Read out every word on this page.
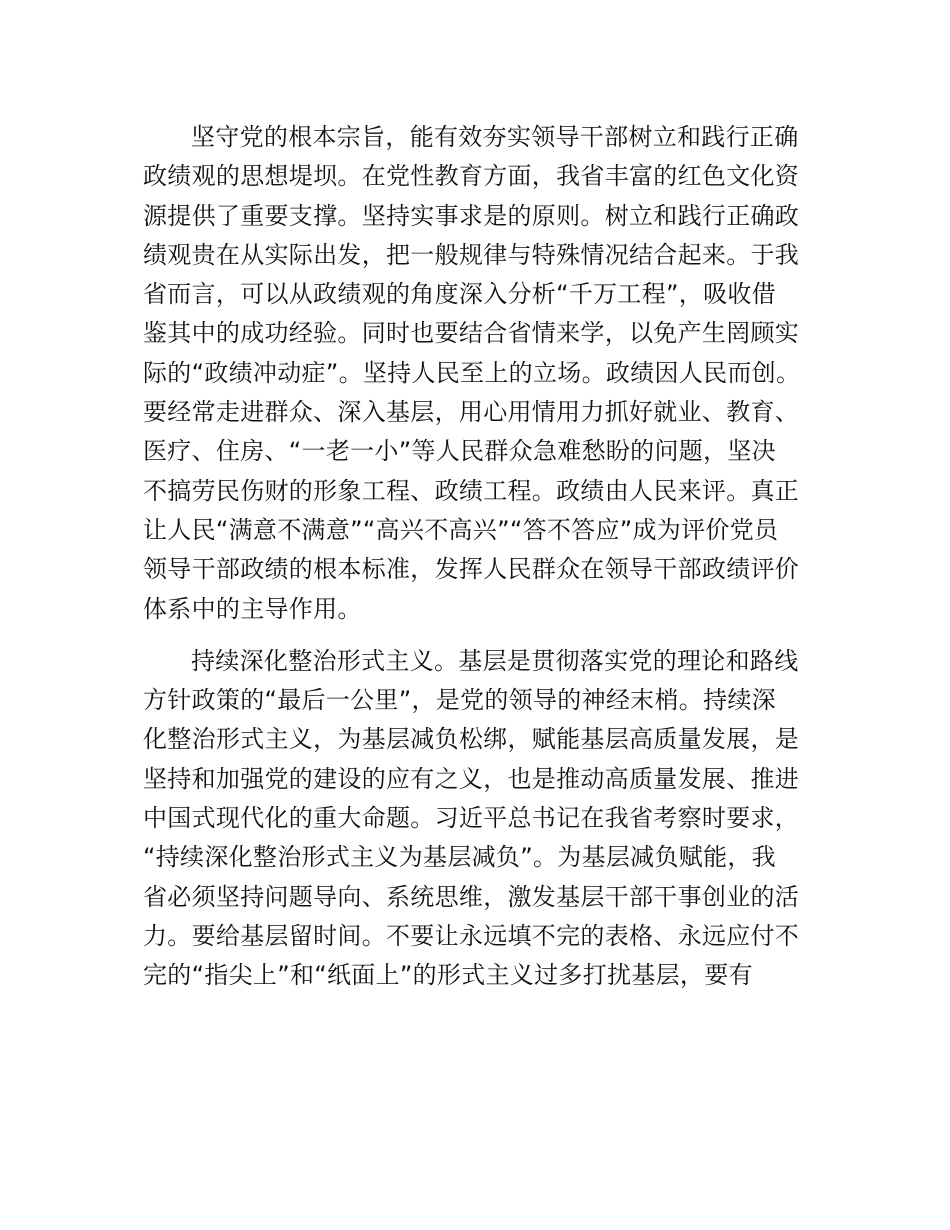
坚守党的根本宗旨，能有效夯实领导干部树立和践行正确
政绩观的思想堤坝。在党性教育方面，我省丰富的红色文化资
源提供了重要支撑。坚持实事求是的原则。树立和践行正确政
绩观贵在从实际出发，把一般规律与特殊情况结合起来。于我
省而言，可以从政绩观的角度深入分析“千万工程”，吸收借
鉴其中的成功经验。同时也要结合省情来学，以免产生罔顾实
际的“政绩冲动症”。坚持人民至上的立场。政绩因人民而创。
要经常走进群众、深入基层，用心用情用力抓好就业、教育、
医疗、住房、“一老一小”等人民群众急难愁盼的问题，坚决
不搞劳民伤财的形象工程、政绩工程。政绩由人民来评。真正
让人民“满意不满意”“高兴不高兴”“答不答应”成为评价党员
领导干部政绩的根本标准，发挥人民群众在领导干部政绩评价
体系中的主导作用。
持续深化整治形式主义。基层是贯彻落实党的理论和路线
方针政策的“最后一公里”，是党的领导的神经末梢。持续深
化整治形式主义，为基层减负松绑，赋能基层高质量发展，是
坚持和加强党的建设的应有之义，也是推动高质量发展、推进
中国式现代化的重大命题。习近平总书记在我省考察时要求，
“持续深化整治形式主义为基层减负”。为基层减负赋能，我
省必须坚持问题导向、系统思维，激发基层干部干事创业的活
力。要给基层留时间。不要让永远填不完的表格、永远应付不
完的“指尖上”和“纸面上”的形式主义过多打扰基层，要有
